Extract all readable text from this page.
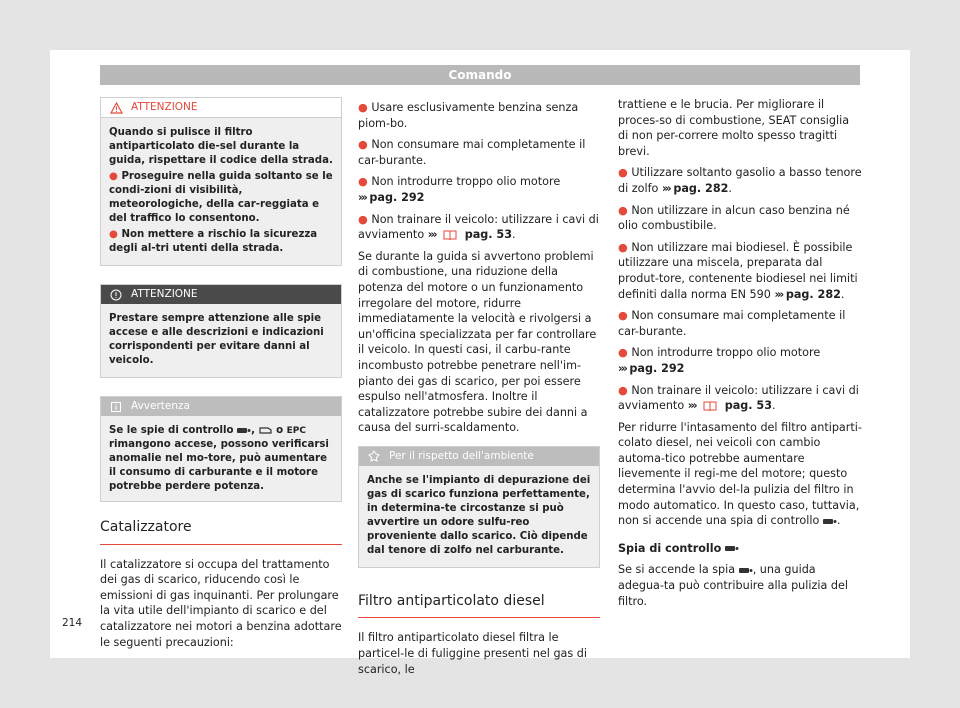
Comando
ATTENZIONE

Quando si pulisce il filtro antiparticolato die-sel durante la guida, rispettare il codice della strada.

● Proseguire nella guida soltanto se le condi-zioni di visibilità, meteorologiche, della car-reggiata e del traffico lo consentono.

● Non mettere a rischio la sicurezza degli al-tri utenti della strada.

ATTENZIONE

Prestare sempre attenzione alle spie accese e alle descrizioni e indicazioni corrispondenti per evitare danni al veicolo.

Avvertenza
Se le spie di controllo , o EPC rimangono accese, possono verificarsi anomalie nel mo-tore, può aumentare il consumo di carburante e il motore potrebbe perdere potenza.
Catalizzatore

Il catalizzatore si occupa del trattamento dei gas di scarico, riducendo così le emissioni di gas inquinanti. Per prolungare la vita utile dell'impianto di scarico e del catalizzatore nei motori a benzina adottare le seguenti precauzioni:

● Usare esclusivamente benzina senza piom-bo.

● Non consumare mai completamente il car-burante.

● Non introdurre troppo olio motore
››› pag. 292

● Non trainare il veicolo: utilizzare i cavi di avviamento ›››	pag. 53.

Se durante la guida si avvertono problemi di combustione, una riduzione della potenza del motore o un funzionamento irregolare del motore, ridurre immediatamente la velocità e rivolgersi a un'officina specializzata per far controllare il veicolo. In questi casi, il carbu-rante incombusto potrebbe penetrare nell'im-pianto dei gas di scarico, per poi essere espulso nell'atmosfera. Inoltre il catalizzatore potrebbe subire dei danni a causa del surri-scaldamento.

Per il rispetto dell'ambiente

Anche se l'impianto di depurazione dei gas di scarico funziona perfettamente, in determina-te circostanze si può avvertire un odore sulfu-reo proveniente dallo scarico. Ciò dipende dal tenore di zolfo nel carburante.

Filtro antiparticolato diesel

Il filtro antiparticolato diesel filtra le particel-le di fuliggine presenti nel gas di scarico, le

trattiene e le brucia. Per migliorare il proces-so di combustione, SEAT consiglia di non per-correre molto spesso tragitti brevi.

● Utilizzare soltanto gasolio a basso tenore di zolfo ››› pag. 282.

● Non utilizzare in alcun caso benzina né olio combustibile.

● Non utilizzare mai biodiesel. È possibile utilizzare una miscela, preparata dal produt-tore, contenente biodiesel nei limiti definiti dalla norma EN 590 ››› pag. 282.

● Non consumare mai completamente il car-burante.

● Non introdurre troppo olio motore
››› pag. 292

● Non trainare il veicolo: utilizzare i cavi di avviamento ›››	pag. 53.

Per ridurre l'intasamento del filtro antiparti-colato diesel, nei veicoli con cambio automa-tico potrebbe aumentare lievemente il regi-me del motore; questo determina l'avvio del-la pulizia del filtro in modo automatico. In questo caso, tuttavia, non si accende una spia di controllo .

Spia di controllo

Se si accende la spia , una guida adegua-ta può contribuire alla pulizia del filtro.

214
